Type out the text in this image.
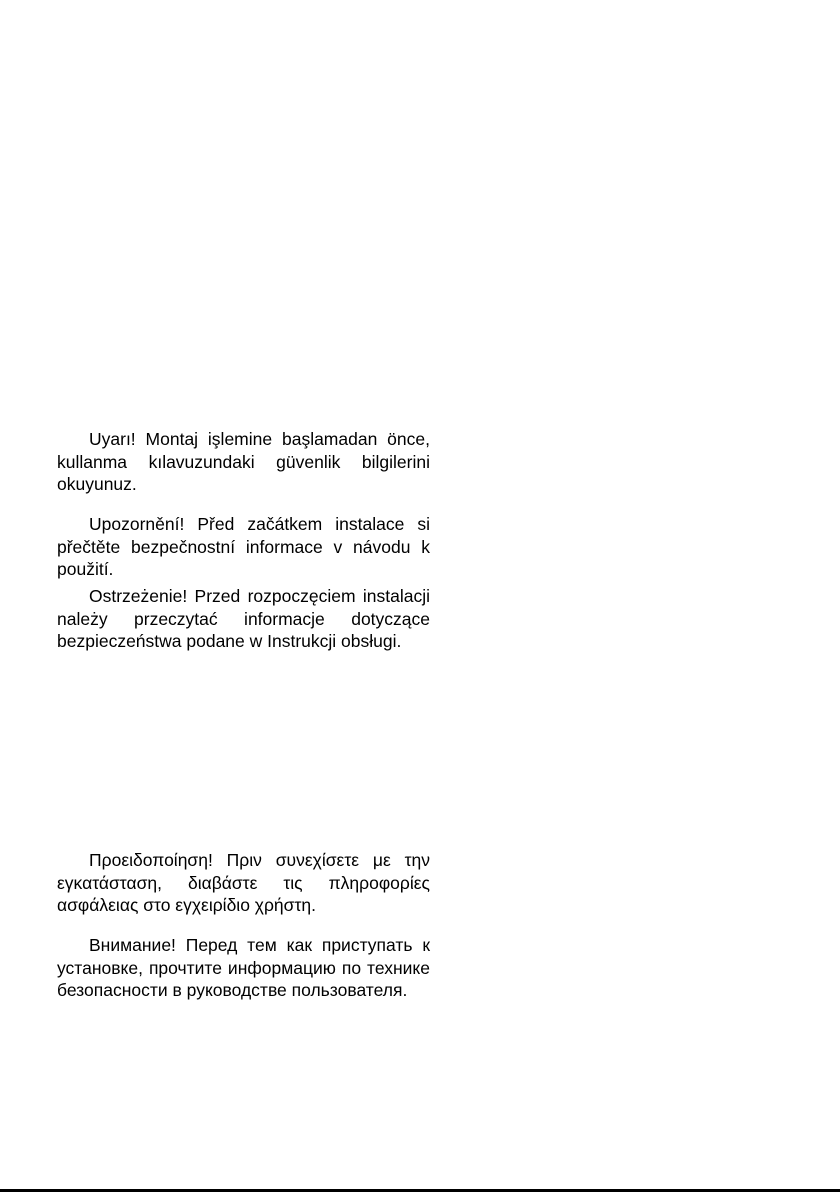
Uyarı! Montaj işlemine başlamadan önce, kullanma kılavuzundaki güvenlik bilgilerini okuyunuz.

Upozornění! Před začátkem instalace si přečtěte bezpečnostní informace v návodu k použití.

Ostrzeżenie! Przed rozpoczęciem instalacji należy przeczytać informacje dotyczące bezpieczeństwa podane w Instrukcji obsługi.

Προειδοποίηση! Πριν συνεχίσετε με την εγκατάσταση, διαβάστε τις πληροφορίες ασφάλειας στο εγχειρίδιο χρήστη.

Внимание! Перед тем как приступать к установке, прочтите информацию по технике безопасности в руководстве пользователя.
